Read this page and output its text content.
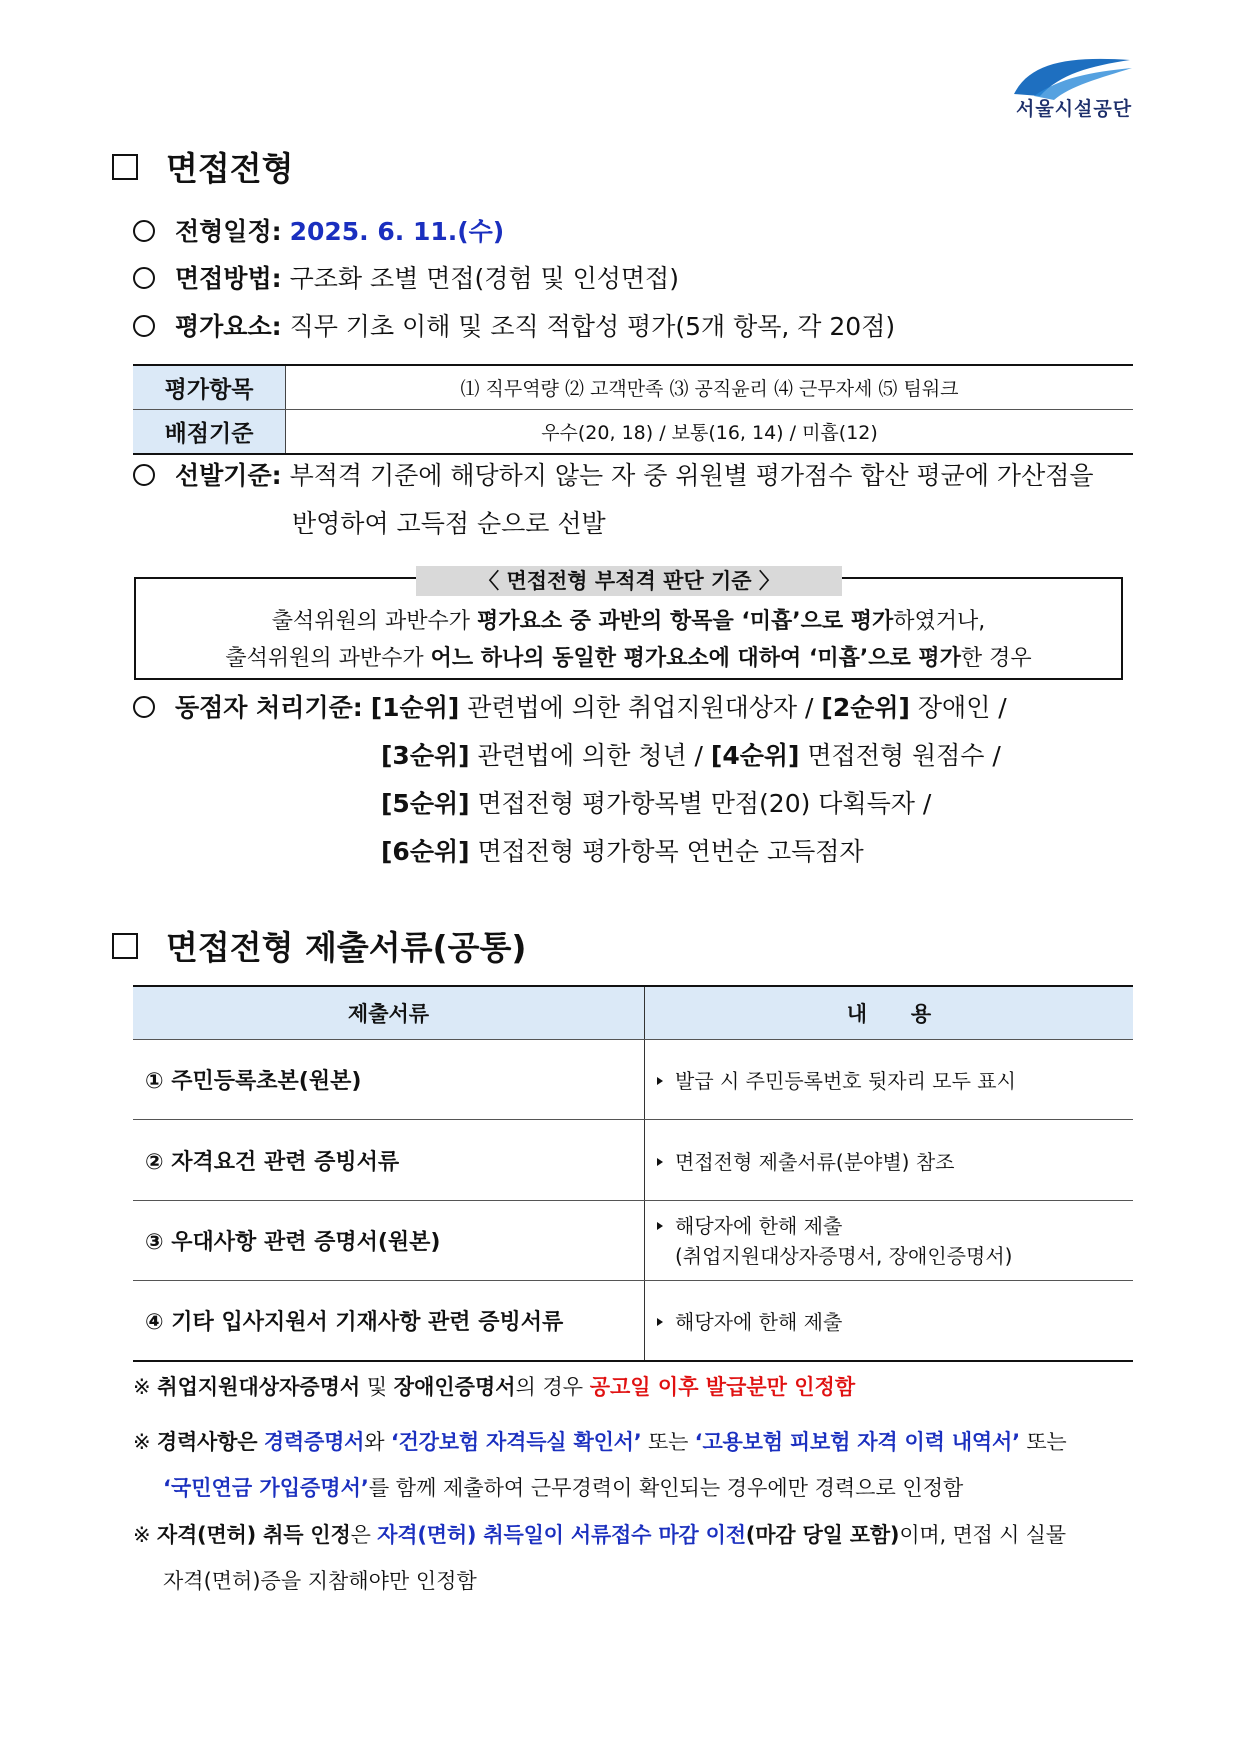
서울시설공단
면접전형
전형일정: 2025. 6. 11.(수)
면접방법: 구조화 조별 면접(경험 및 인성면접)
평가요소: 직무 기초 이해 및 조직 적합성 평가(5개 항목, 각 20점)
평가항목	⑴ 직무역량 ⑵ 고객만족 ⑶ 공직윤리 ⑷ 근무자세 ⑸ 팀워크
배점기준	우수(20, 18) / 보통(16, 14) / 미흡(12)
선발기준: 부적격 기준에 해당하지 않는 자 중 위원별 평가점수 합산 평균에 가산점을
반영하여 고득점 순으로 선발
〈 면접전형 부적격 판단 기준 〉
출석위원의 과반수가 평가요소 중 과반의 항목을 ‘미흡’으로 평가하였거나,
출석위원의 과반수가 어느 하나의 동일한 평가요소에 대하여 ‘미흡’으로 평가한 경우
동점자 처리기준: [1순위] 관련법에 의한 취업지원대상자 / [2순위] 장애인 /
[3순위] 관련법에 의한 청년 / [4순위] 면접전형 원점수 /
[5순위] 면접전형 평가항목별 만점(20) 다획득자 /
[6순위] 면접전형 평가항목 연번순 고득점자
면접전형 제출서류(공통)
제출서류	내      용
① 주민등록초본(원본)	발급 시 주민등록번호 뒷자리 모두 표시
② 자격요건 관련 증빙서류	면접전형 제출서류(분야별) 참조
③ 우대사항 관련 증명서(원본)	해당자에 한해 제출
(취업지원대상자증명서, 장애인증명서)

④ 기타 입사지원서 기재사항 관련 증빙서류	해당자에 한해 제출
※ 취업지원대상자증명서 및 장애인증명서의 경우 공고일 이후 발급분만 인정함
※ 경력사항은 경력증명서와 ‘건강보험 자격득실 확인서’ 또는 ‘고용보험 피보험 자격 이력 내역서’ 또는
‘국민연금 가입증명서’를 함께 제출하여 근무경력이 확인되는 경우에만 경력으로 인정함
※ 자격(면허) 취득 인정은 자격(면허) 취득일이 서류접수 마감 이전(마감 당일 포함)이며, 면접 시 실물
자격(면허)증을 지참해야만 인정함
